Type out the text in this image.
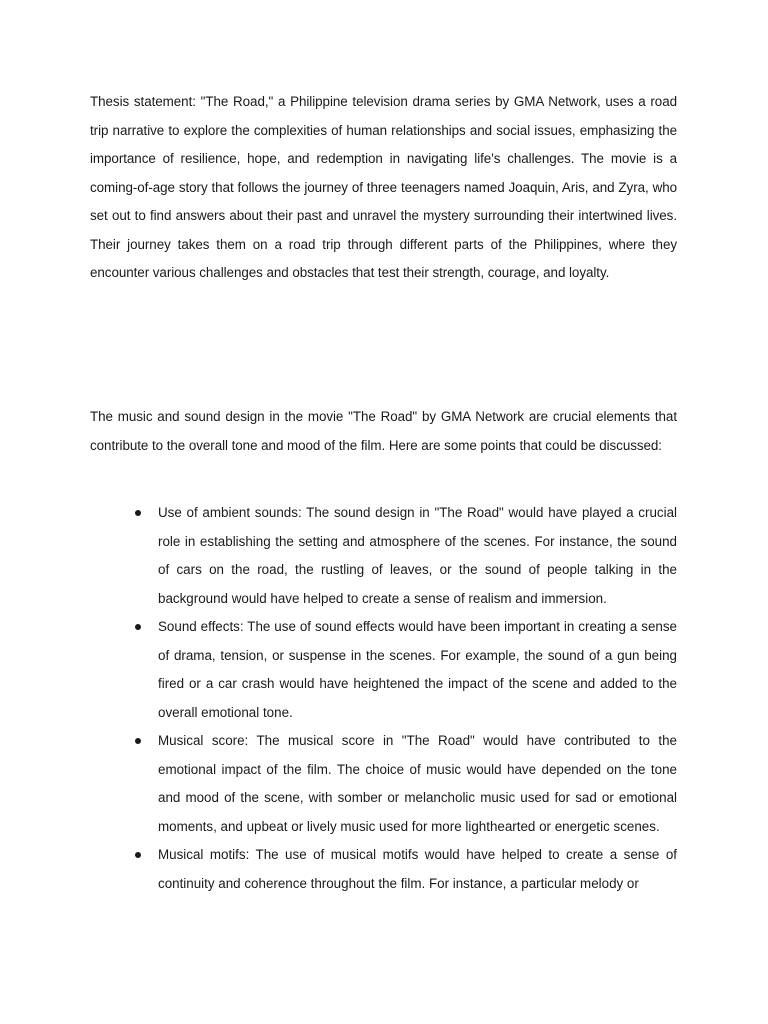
Thesis statement: "The Road," a Philippine television drama series by GMA Network, uses a road trip narrative to explore the complexities of human relationships and social issues, emphasizing the importance of resilience, hope, and redemption in navigating life's challenges. The movie is a coming-of-age story that follows the journey of three teenagers named Joaquin, Aris, and Zyra, who set out to find answers about their past and unravel the mystery surrounding their intertwined lives. Their journey takes them on a road trip through different parts of the Philippines, where they encounter various challenges and obstacles that test their strength, courage, and loyalty.

The music and sound design in the movie "The Road" by GMA Network are crucial elements that contribute to the overall tone and mood of the film. Here are some points that could be discussed:

Use of ambient sounds: The sound design in "The Road" would have played a crucial role in establishing the setting and atmosphere of the scenes. For instance, the sound of cars on the road, the rustling of leaves, or the sound of people talking in the background would have helped to create a sense of realism and immersion.
Sound effects: The use of sound effects would have been important in creating a sense of drama, tension, or suspense in the scenes. For example, the sound of a gun being fired or a car crash would have heightened the impact of the scene and added to the overall emotional tone.
Musical score: The musical score in "The Road" would have contributed to the emotional impact of the film. The choice of music would have depended on the tone and mood of the scene, with somber or melancholic music used for sad or emotional moments, and upbeat or lively music used for more lighthearted or energetic scenes.
Musical motifs: The use of musical motifs would have helped to create a sense of continuity and coherence throughout the film. For instance, a particular melody or
